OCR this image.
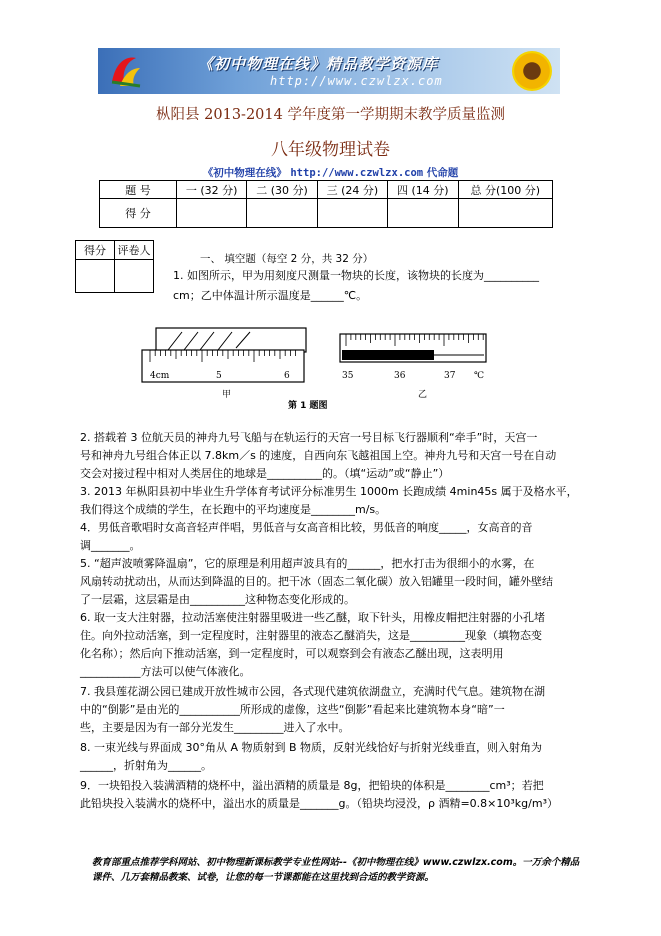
《初中物理在线》精品教学资源库
http://www.czwlzx.com
枞阳县 2013-2014 学年度第一学期期末教学质量监测
八年级物理试卷
《初中物理在线》 http://www.czwlzx.com 代命题
题 号	一 (32 分)	二 (30 分)	三 (24 分)	四 (14 分)	总 分(100 分)
得 分					
得分	评卷人

一、 填空题（每空 2 分，共 32 分）
1. 如图所示，甲为用刻度尺测量一物块的长度，该物块的长度为__________
cm；乙中体温计所示温度是______℃。
4cm	5	6	35	36	37 ℃
甲	乙
第 1 题图
2. 搭载着 3 位航天员的神舟九号飞船与在轨运行的天宫一号目标飞行器顺利“牵手”时，天宫一
号和神舟九号组合体正以 7.8km／s 的速度，自西向东飞越祖国上空。神舟九号和天宫一号在自动
交会对接过程中相对人类居住的地球是__________的。（填“运动”或“静止”）
3. 2013 年枞阳县初中毕业生升学体育考试评分标准男生 1000m 长跑成绩 4min45s 属于及格水平，
我们得这个成绩的学生，在长跑中的平均速度是________m/s。
4．男低音歌唱时女高音轻声伴唱，男低音与女高音相比较，男低音的响度_____，女高音的音
调_______。
5. “超声波喷雾降温扇”，它的原理是利用超声波具有的______，把水打击为很细小的水雾，在
风扇转动扰动出，从而达到降温的目的。把干冰（固态二氧化碳）放入铝罐里一段时间，罐外壁结
了一层霜，这层霜是由__________这种物态变化形成的。
6. 取一支大注射器，拉动活塞使注射器里吸进一些乙醚，取下针头，用橡皮帽把注射器的小孔堵
住。向外拉动活塞，到一定程度时，注射器里的液态乙醚消失，这是__________现象（填物态变
化名称）；然后向下推动活塞，到一定程度时，可以观察到会有液态乙醚出现，这表明用
___________方法可以使气体液化。
7. 我县莲花湖公园已建成开放性城市公园，各式现代建筑依湖盘立，充满时代气息。建筑物在湖
中的“倒影”是由光的___________所形成的虚像，这些“倒影”看起来比建筑物本身“暗”一
些，主要是因为有一部分光发生_________进入了水中。
8. 一束光线与界面成 30°角从 A 物质射到 B 物质，反射光线恰好与折射光线垂直，则入射角为
______，折射角为______。
9．一块铅投入装满酒精的烧杯中，溢出酒精的质量是 8g，把铅块的体积是________cm³；若把
此铅块投入装满水的烧杯中，溢出水的质量是_______g。（铅块均浸没，ρ 酒精=0.8×10³kg/m³）
教育部重点推荐学科网站、初中物理新课标教学专业性网站--《初中物理在线》www.czwlzx.com。一万余个精品
课件、几万套精品教案、试卷，让您的每一节课都能在这里找到合适的教学资源。
